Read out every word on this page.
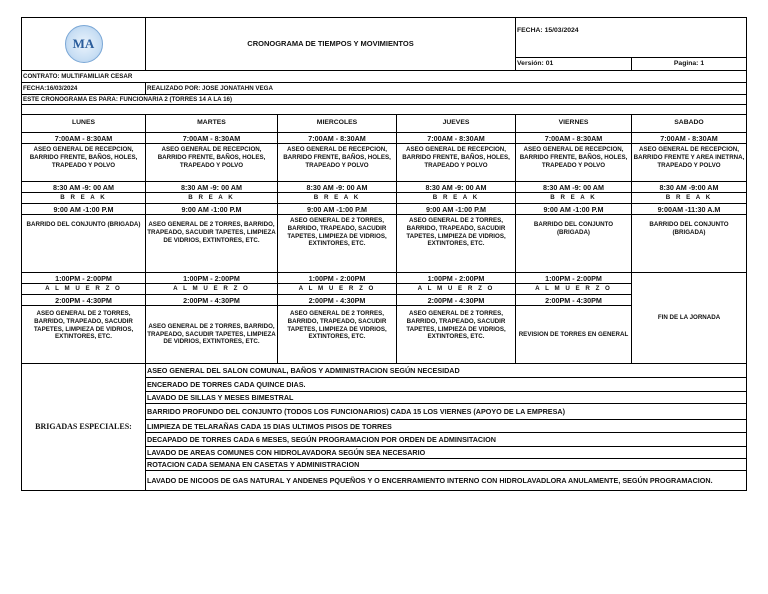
MA	CRONOGRAMA DE TIEMPOS Y MOVIMIENTOS			FECHA: 15/03/2024	
				Versión: 01	Pagina: 1
CONTRATO: MULTIFAMILIAR CESAR					
FECHA:16/03/2024	REALIZADO POR: JOSE JONATAHN VEGA				
ESTE CRONOGRAMA ES PARA: FUNCIONARIA 2 (TORRES 14 A LA 16)					

LUNES	MARTES	MIERCOLES	JUEVES	VIERNES	SABADO
7:00AM - 8:30AM	7:00AM - 8:30AM	7:00AM - 8:30AM	7:00AM - 8:30AM	7:00AM - 8:30AM	7:00AM - 8:30AM
ASEO GENERAL DE RECEPCION, BARRIDO FRENTE, BAÑOS, HOLES, TRAPEADO Y POLVO	ASEO GENERAL DE RECEPCION, BARRIDO FRENTE, BAÑOS, HOLES, TRAPEADO Y POLVO	ASEO GENERAL DE RECEPCION, BARRIDO FRENTE, BAÑOS, HOLES, TRAPEADO Y POLVO	ASEO GENERAL DE RECEPCION, BARRIDO FRENTE, BAÑOS, HOLES, TRAPEADO Y POLVO	ASEO GENERAL DE RECEPCION, BARRIDO FRENTE, BAÑOS, HOLES, TRAPEADO Y POLVO	ASEO GENERAL DE RECEPCION, BARRIDO FRENTE Y AREA INETRNA, TRAPEADO Y POLVO
8:30 AM -9: 00 AM	8:30 AM -9: 00 AM	8:30 AM -9: 00 AM	8:30 AM -9: 00 AM	8:30 AM -9: 00 AM	8:30 AM -9:00 AM
B R E A K	B R E A K	B R E A K	B R E A K	B R E A K	B R E A K
9:00 AM -1:00 P.M	9:00 AM -1:00 P.M	9:00 AM -1:00 P.M	9:00 AM -1:00 P.M	9:00 AM -1:00 P.M	9:00AM -11:30 A.M
BARRIDO DEL CONJUNTO (BRIGADA)	ASEO GENERAL DE 2 TORRES, BARRIDO, TRAPEADO, SACUDIR TAPETES, LIMPIEZA DE VIDRIOS, EXTINTORES, ETC.	ASEO GENERAL DE 2 TORRES, BARRIDO, TRAPEADO, SACUDIR TAPETES, LIMPIEZA DE VIDRIOS, EXTINTORES, ETC.	ASEO GENERAL DE 2 TORRES, BARRIDO, TRAPEADO, SACUDIR TAPETES, LIMPIEZA DE VIDRIOS, EXTINTORES, ETC.	BARRIDO DEL CONJUNTO (BRIGADA)	BARRIDO DEL CONJUNTO (BRIGADA)
1:00PM - 2:00PM	1:00PM - 2:00PM	1:00PM - 2:00PM	1:00PM - 2:00PM	1:00PM - 2:00PM	FIN DE LA JORNADA
A L M U E R Z O	A L M U E R Z O	A L M U E R Z O	A L M U E R Z O	A L M U E R Z O	
2:00PM - 4:30PM	2:00PM - 4:30PM	2:00PM - 4:30PM	2:00PM - 4:30PM	2:00PM - 4:30PM	
ASEO GENERAL DE 2 TORRES, BARRIDO, TRAPEADO, SACUDIR TAPETES, LIMPIEZA DE VIDRIOS, EXTINTORES, ETC.	ASEO GENERAL DE 2 TORRES, BARRIDO, TRAPEADO, SACUDIR TAPETES, LIMPIEZA DE VIDRIOS, EXTINTORES, ETC.	ASEO GENERAL DE 2 TORRES, BARRIDO, TRAPEADO, SACUDIR TAPETES, LIMPIEZA DE VIDRIOS, EXTINTORES, ETC.	ASEO GENERAL DE 2 TORRES, BARRIDO, TRAPEADO, SACUDIR TAPETES, LIMPIEZA DE VIDRIOS, EXTINTORES, ETC.	REVISION DE TORRES EN GENERAL	
BRIGADAS ESPECIALES:	ASEO GENERAL DEL SALON COMUNAL, BAÑOS Y ADMINISTRACION SEGÚN NECESIDAD				
	ENCERADO DE TORRES CADA QUINCE DIAS.				
	LAVADO DE SILLAS Y MESES BIMESTRAL				
	BARRIDO PROFUNDO DEL CONJUNTO (TODOS LOS FUNCIONARIOS) CADA 15 LOS VIERNES (APOYO DE LA EMPRESA)				
	LIMPIEZA DE TELARAÑAS CADA 15 DIAS ULTIMOS PISOS DE TORRES				
	DECAPADO DE TORRES CADA 6 MESES, SEGÚN PROGRAMACION POR ORDEN DE ADMINSITACION				
	LAVADO DE AREAS COMUNES CON HIDROLAVADORA SEGÚN SEA NECESARIO				
	ROTACION CADA SEMANA EN CASETAS Y ADMINISTRACION				
	LAVADO DE NICOOS DE GAS NATURAL Y ANDENES PQUEÑOS Y O ENCERRAMIENTO INTERNO CON HIDROLAVADLORA ANULAMENTE, SEGÚN PROGRAMACION.				
